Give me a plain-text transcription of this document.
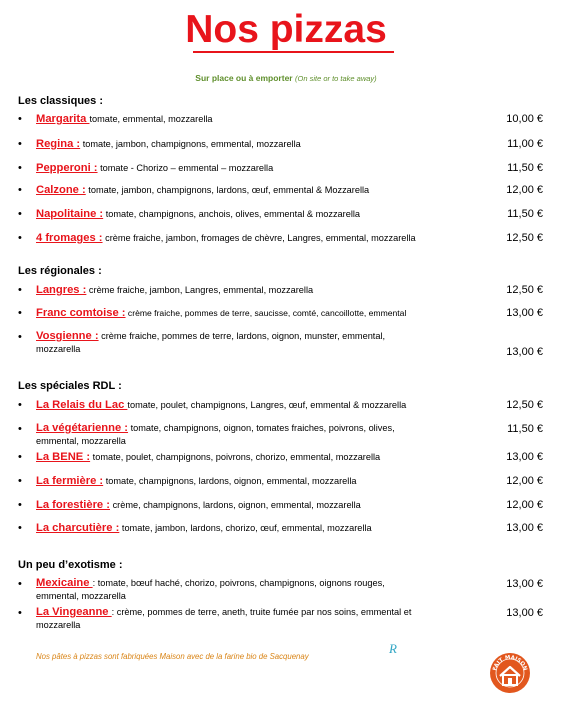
Nos pizzas
Sur place ou à emporter (On site or to take away)
Les classiques :
• Margarita tomate, emmental, mozzarella	10,00 €
• Regina : tomate, jambon, champignons, emmental, mozzarella	11,00 €
• Pepperoni : tomate - Chorizo – emmental – mozzarella	11,50 €
• Calzone : tomate, jambon, champignons, lardons, œuf, emmental & Mozzarella	12,00 €
• Napolitaine : tomate, champignons, anchois, olives, emmental & mozzarella	11,50 €
• 4 fromages : crème fraiche, jambon, fromages de chèvre, Langres, emmental, mozzarella	12,50 €
Les régionales :
• Langres : crème fraiche, jambon, Langres, emmental, mozzarella	12,50 €
• Franc comtoise : crème fraiche, pommes de terre, saucisse, comté, cancoillotte, emmental	13,00 €
• Vosgienne : crème fraiche, pommes de terre, lardons, oignon, munster, emmental, mozzarella	13,00 €
Les spéciales RDL :
• La Relais du Lac tomate, poulet, champignons, Langres, œuf, emmental & mozzarella	12,50 €
• La végétarienne : tomate, champignons, oignon, tomates fraiches, poivrons, olives, emmental, mozzarella
11,50 €
• La BENE : tomate, poulet, champignons, poivrons, chorizo, emmental, mozzarella	13,00 €
• La fermière : tomate, champignons, lardons, oignon, emmental, mozzarella	12,00 €
• La forestière : crème, champignons, lardons, oignon, emmental, mozzarella	12,00 €
• La charcutière : tomate, jambon, lardons, chorizo, œuf, emmental, mozzarella	13,00 €
Un peu d’exotisme :
• Mexicaine : tomate, bœuf haché, chorizo, poivrons, champignons, oignons rouges, emmental, mozzarella
13,00 €
• La Vingeanne : crème, pommes de terre, aneth, truite fumée par nos soins, emmental et mozzarella
13,00 €
Nos pâtes à pizzas sont fabriquées Maison avec de la farine bio de Sacquenay
R
FAIT MAISON
